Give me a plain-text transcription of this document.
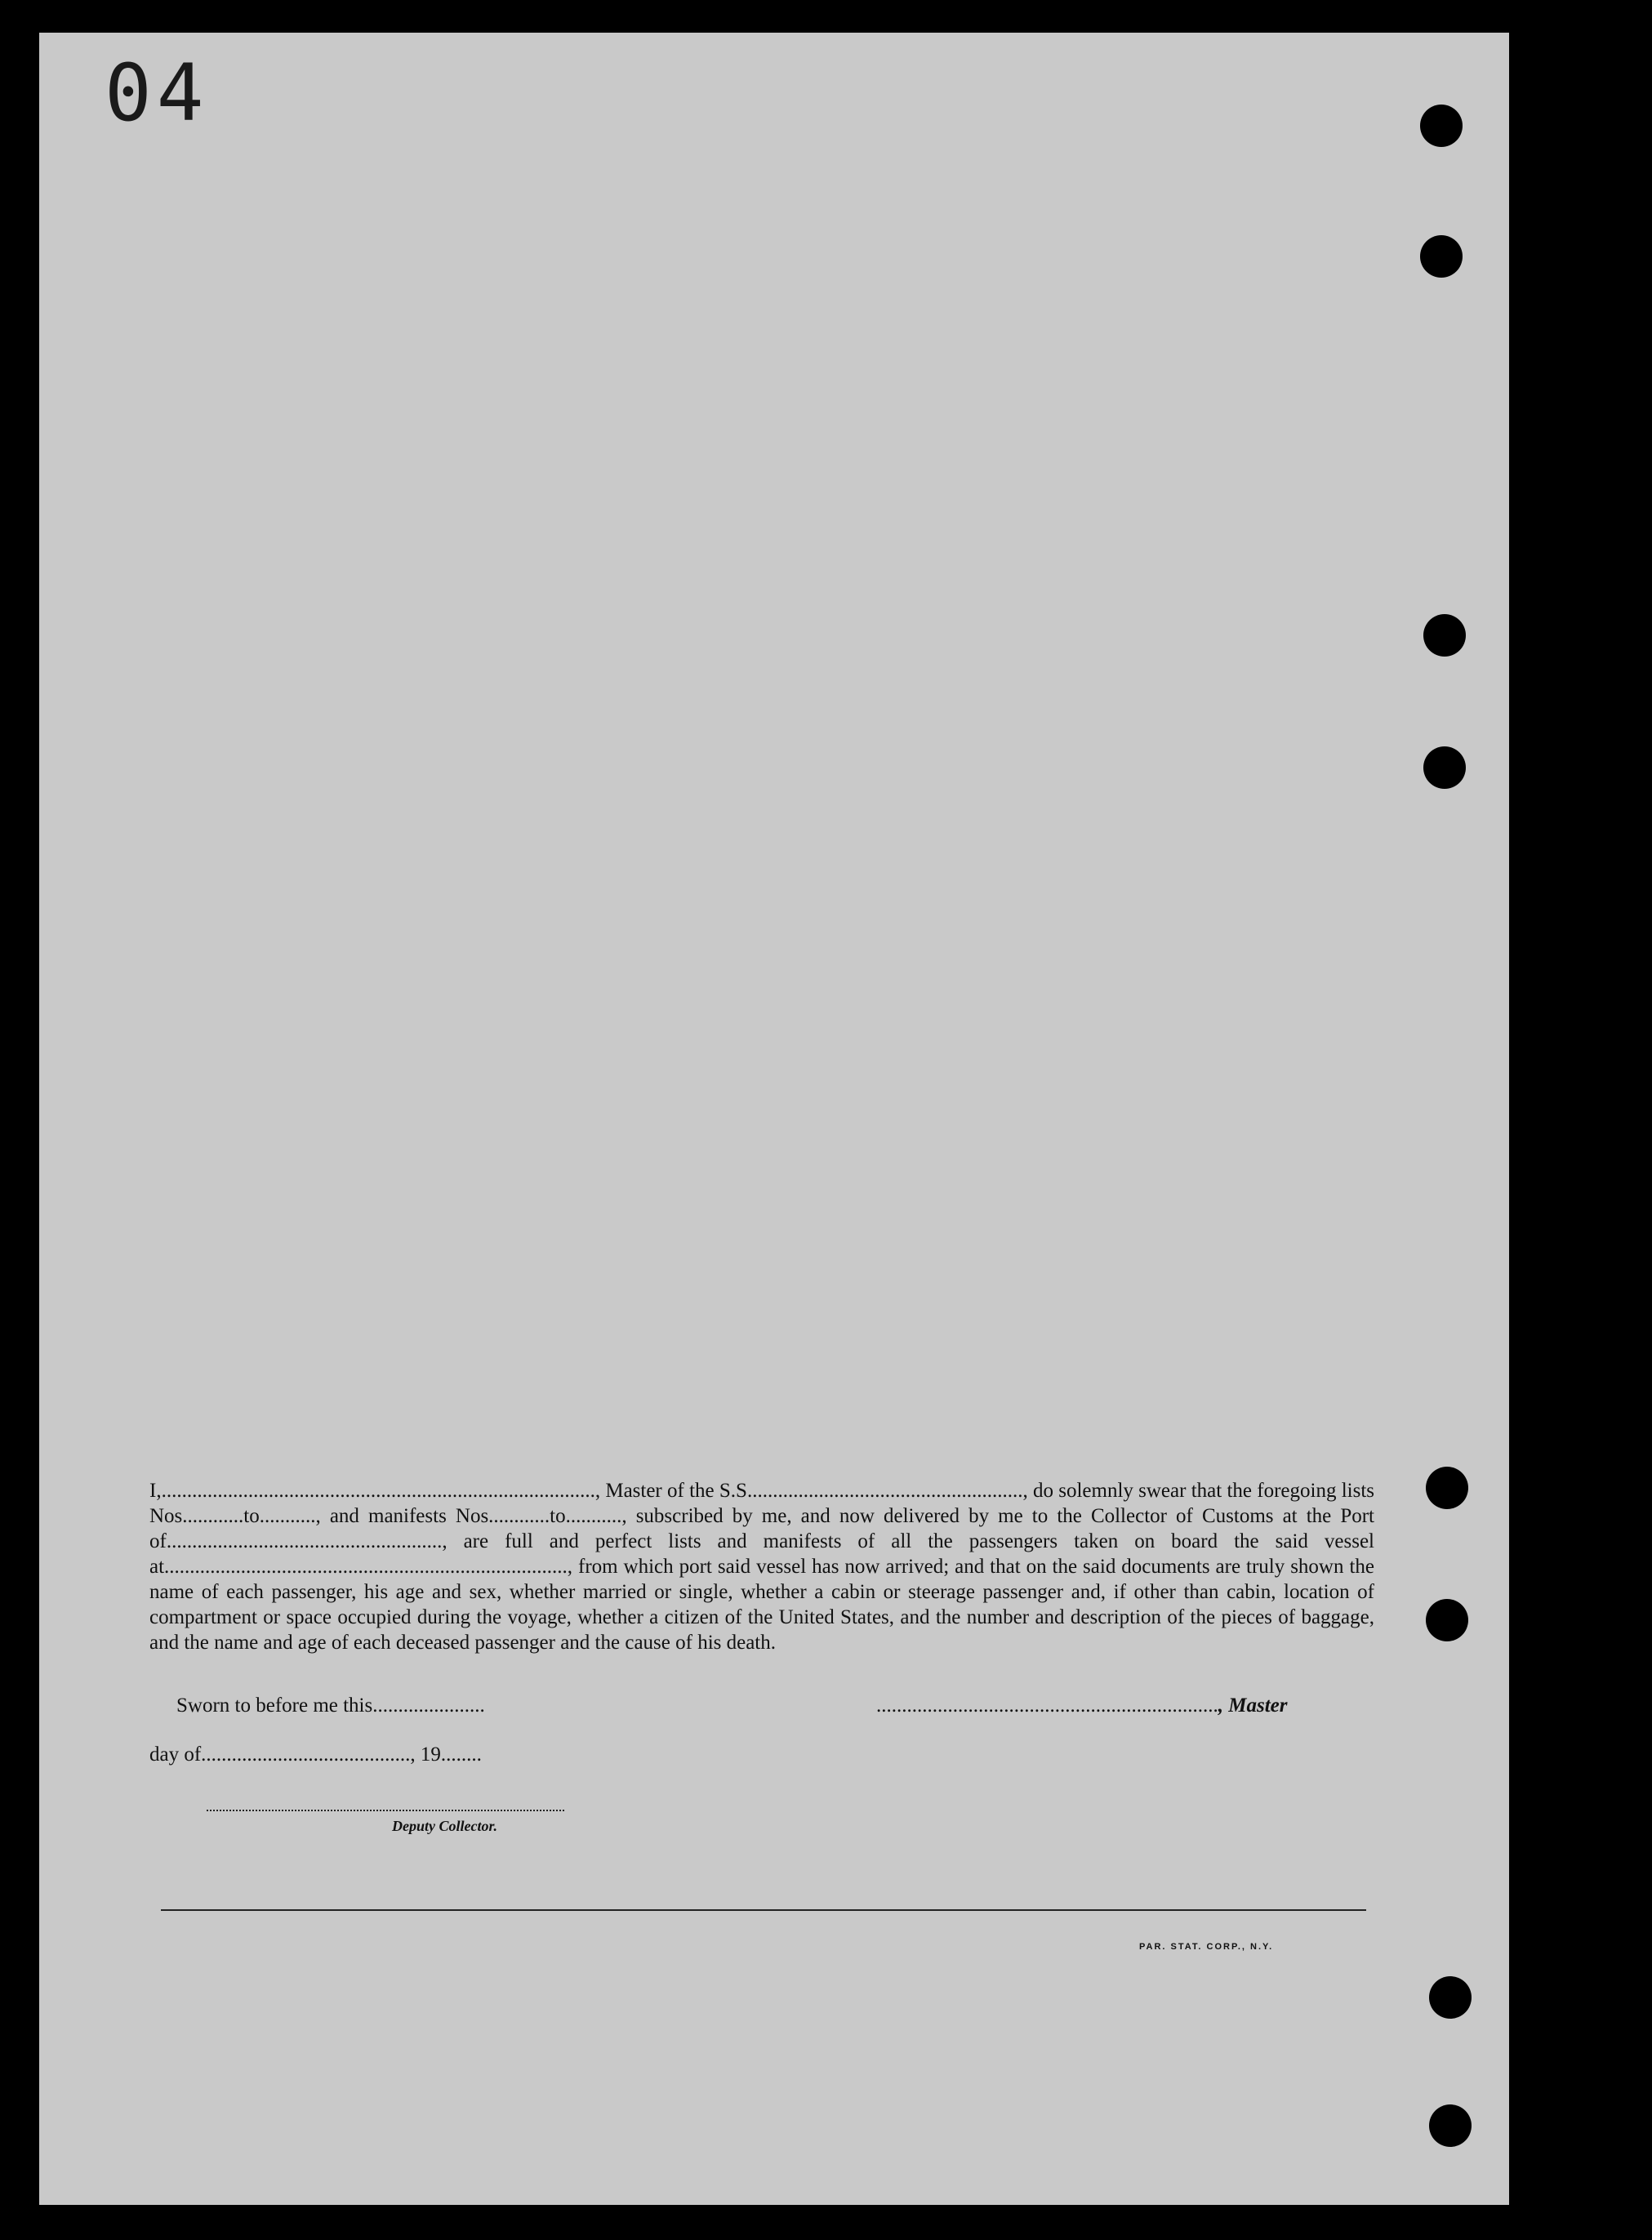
04

I,....................................................................................., Master of the S.S......................................................, do solemnly swear that the foregoing lists Nos............to..........., and manifests Nos............to..........., subscribed by me, and now delivered by me to the Collector of Customs at the Port of......................................................, are full and perfect lists and manifests of all the passengers taken on board the said vessel at..............................................................................., from which port said vessel has now arrived; and that on the said documents are truly shown the name of each passenger, his age and sex, whether married or single, whether a cabin or steerage passenger and, if other than cabin, location of compartment or space occupied during the voyage, whether a citizen of the United States, and the number and description of the pieces of baggage, and the name and age of each deceased passenger and the cause of his death.

Sworn to before me this......................	..................................................................., Master
day of........................................., 19........
Deputy Collector.
PAR. STAT. CORP., N.Y.
